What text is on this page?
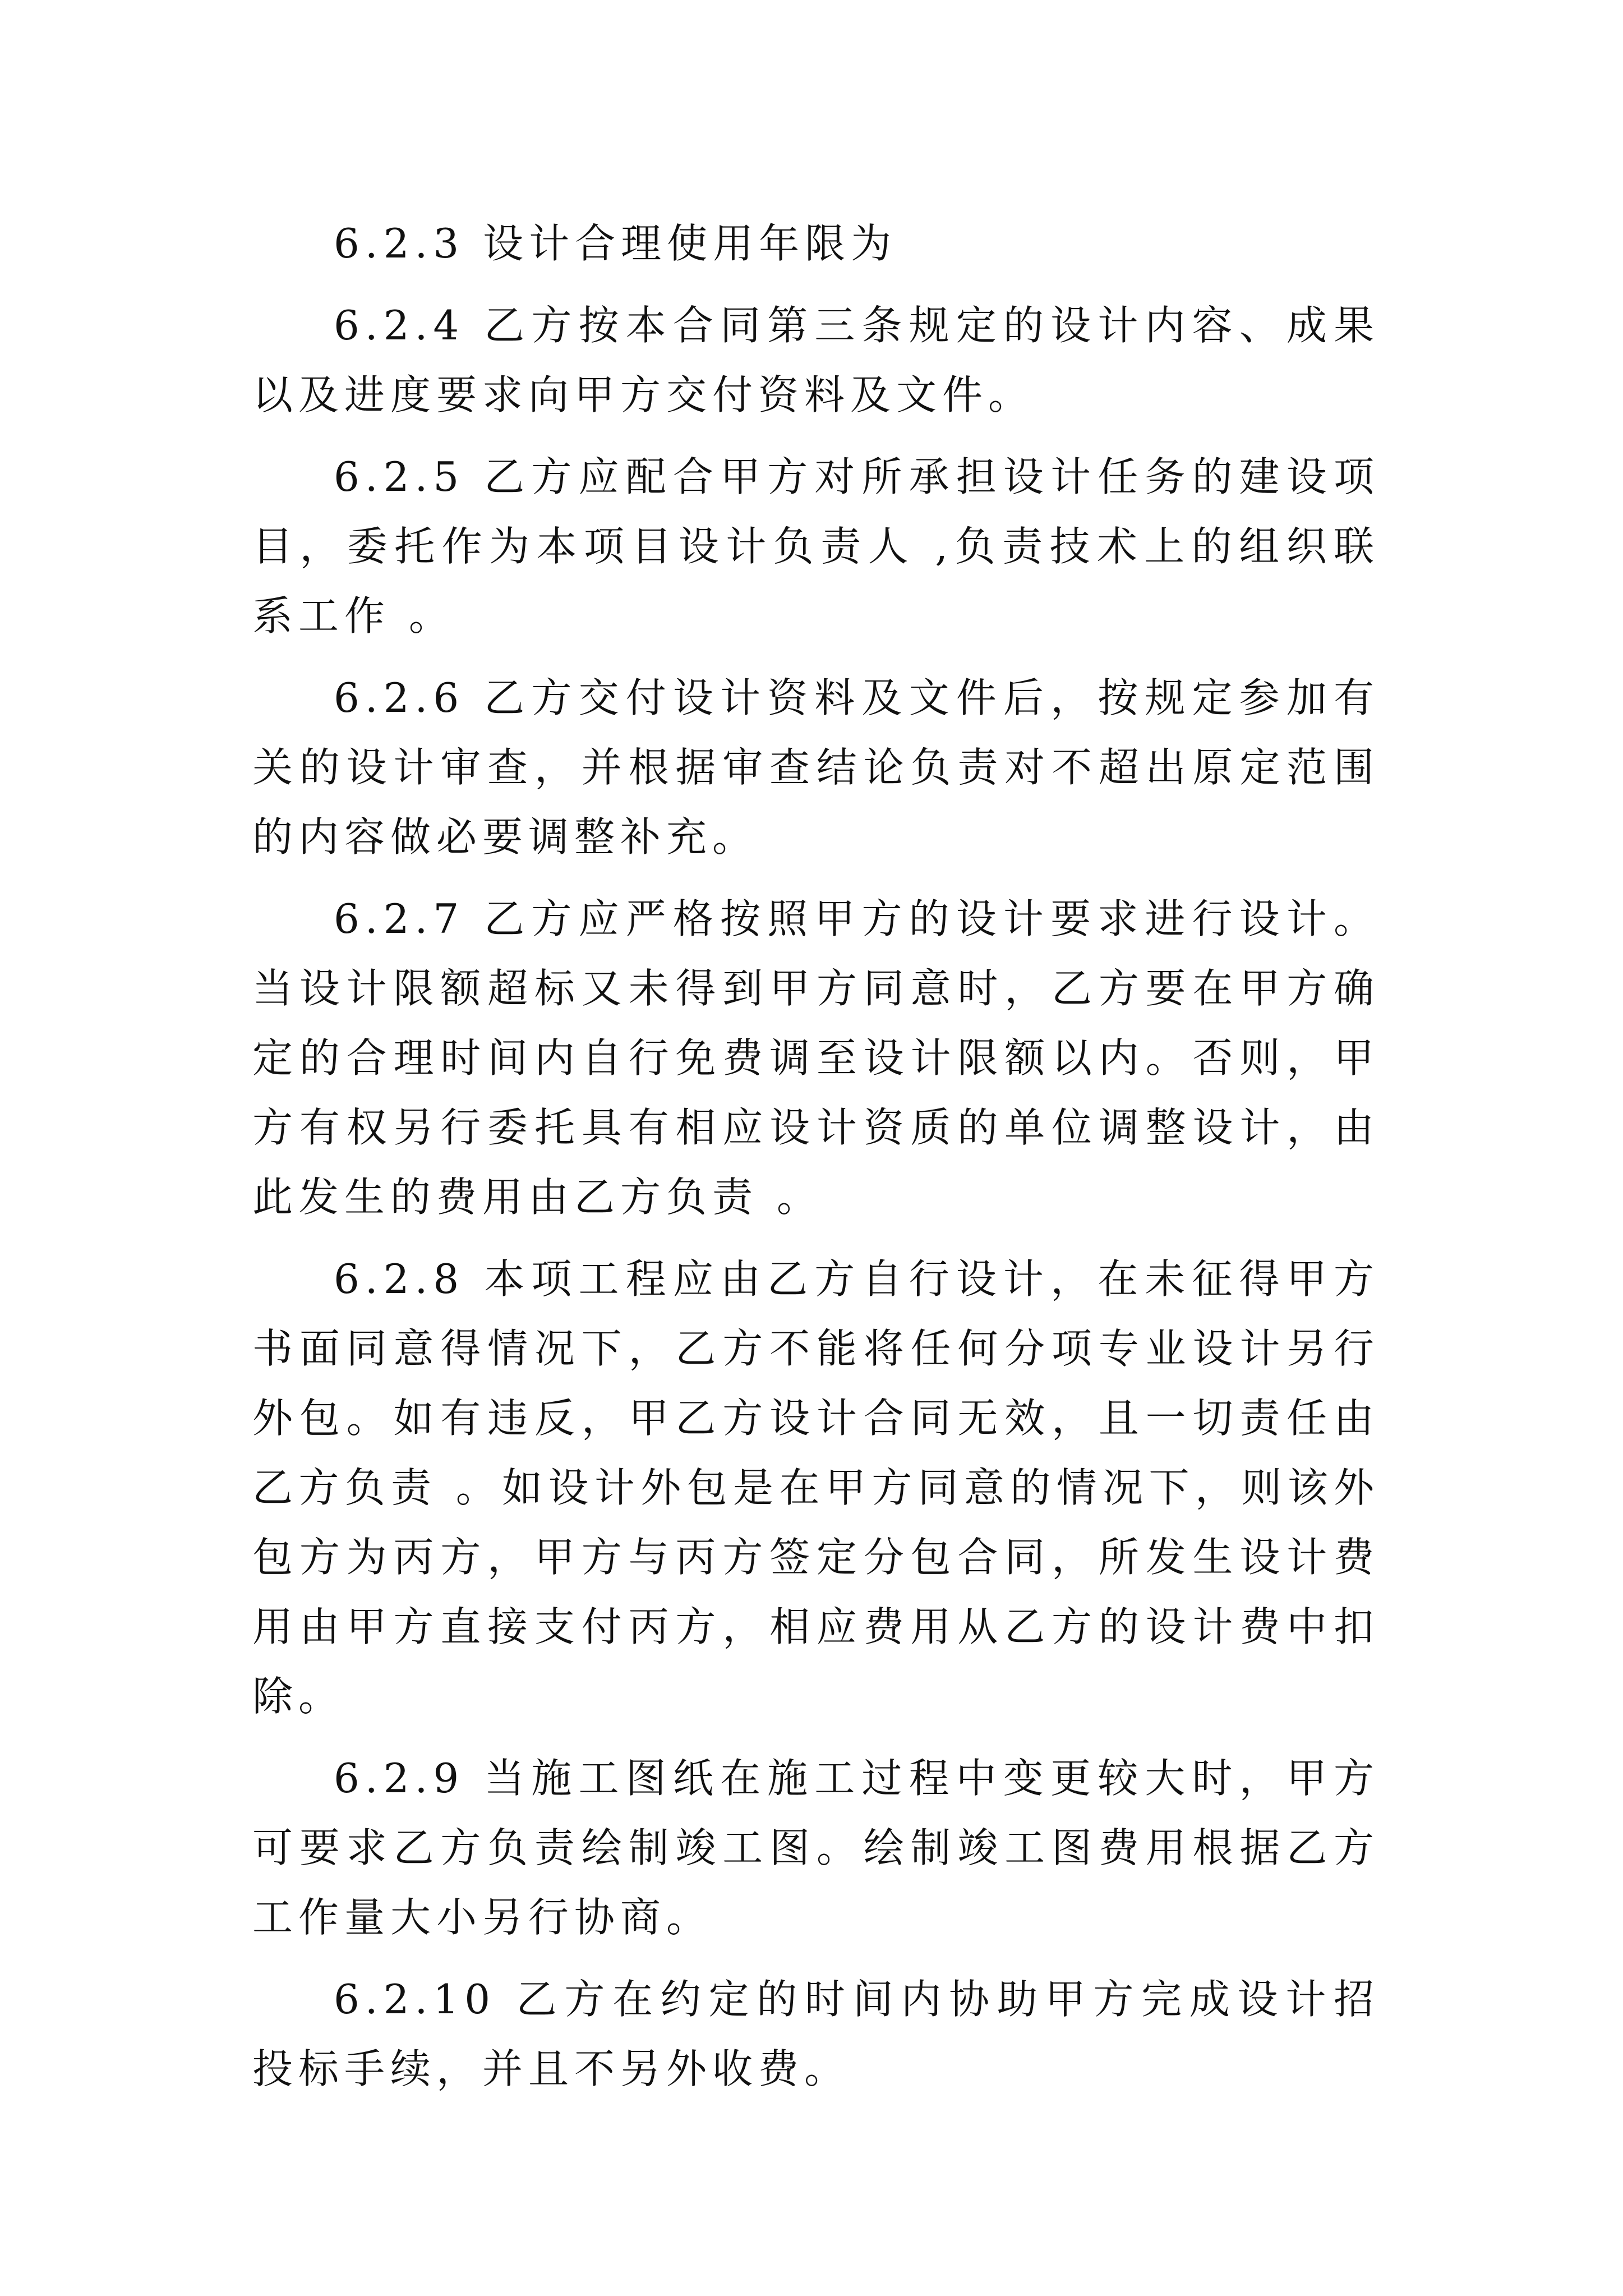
6.2.3 设计合理使用年限为

6.2.4 乙方按本合同第三条规定的设计内容、成果以及进度要求向甲方交付资料及文件。

6.2.5 乙方应配合甲方对所承担设计任务的建设项目，委托作为本项目设计负责人 ,负责技术上的组织联系工作 。

6.2.6 乙方交付设计资料及文件后，按规定参加有关的设计审查，并根据审查结论负责对不超出原定范围的内容做必要调整补充。

6.2.7 乙方应严格按照甲方的设计要求进行设计。当设计限额超标又未得到甲方同意时，乙方要在甲方确定的合理时间内自行免费调至设计限额以内。否则，甲方有权另行委托具有相应设计资质的单位调整设计，由此发生的费用由乙方负责 。

6.2.8 本项工程应由乙方自行设计，在未征得甲方书面同意得情况下，乙方不能将任何分项专业设计另行外包。如有违反，甲乙方设计合同无效，且一切责任由乙方负责 。如设计外包是在甲方同意的情况下，则该外包方为丙方，甲方与丙方签定分包合同，所发生设计费用由甲方直接支付丙方，相应费用从乙方的设计费中扣除。

6.2.9 当施工图纸在施工过程中变更较大时，甲方可要求乙方负责绘制竣工图。绘制竣工图费用根据乙方工作量大小另行协商。

6.2.10 乙方在约定的时间内协助甲方完成设计招投标手续，并且不另外收费。
